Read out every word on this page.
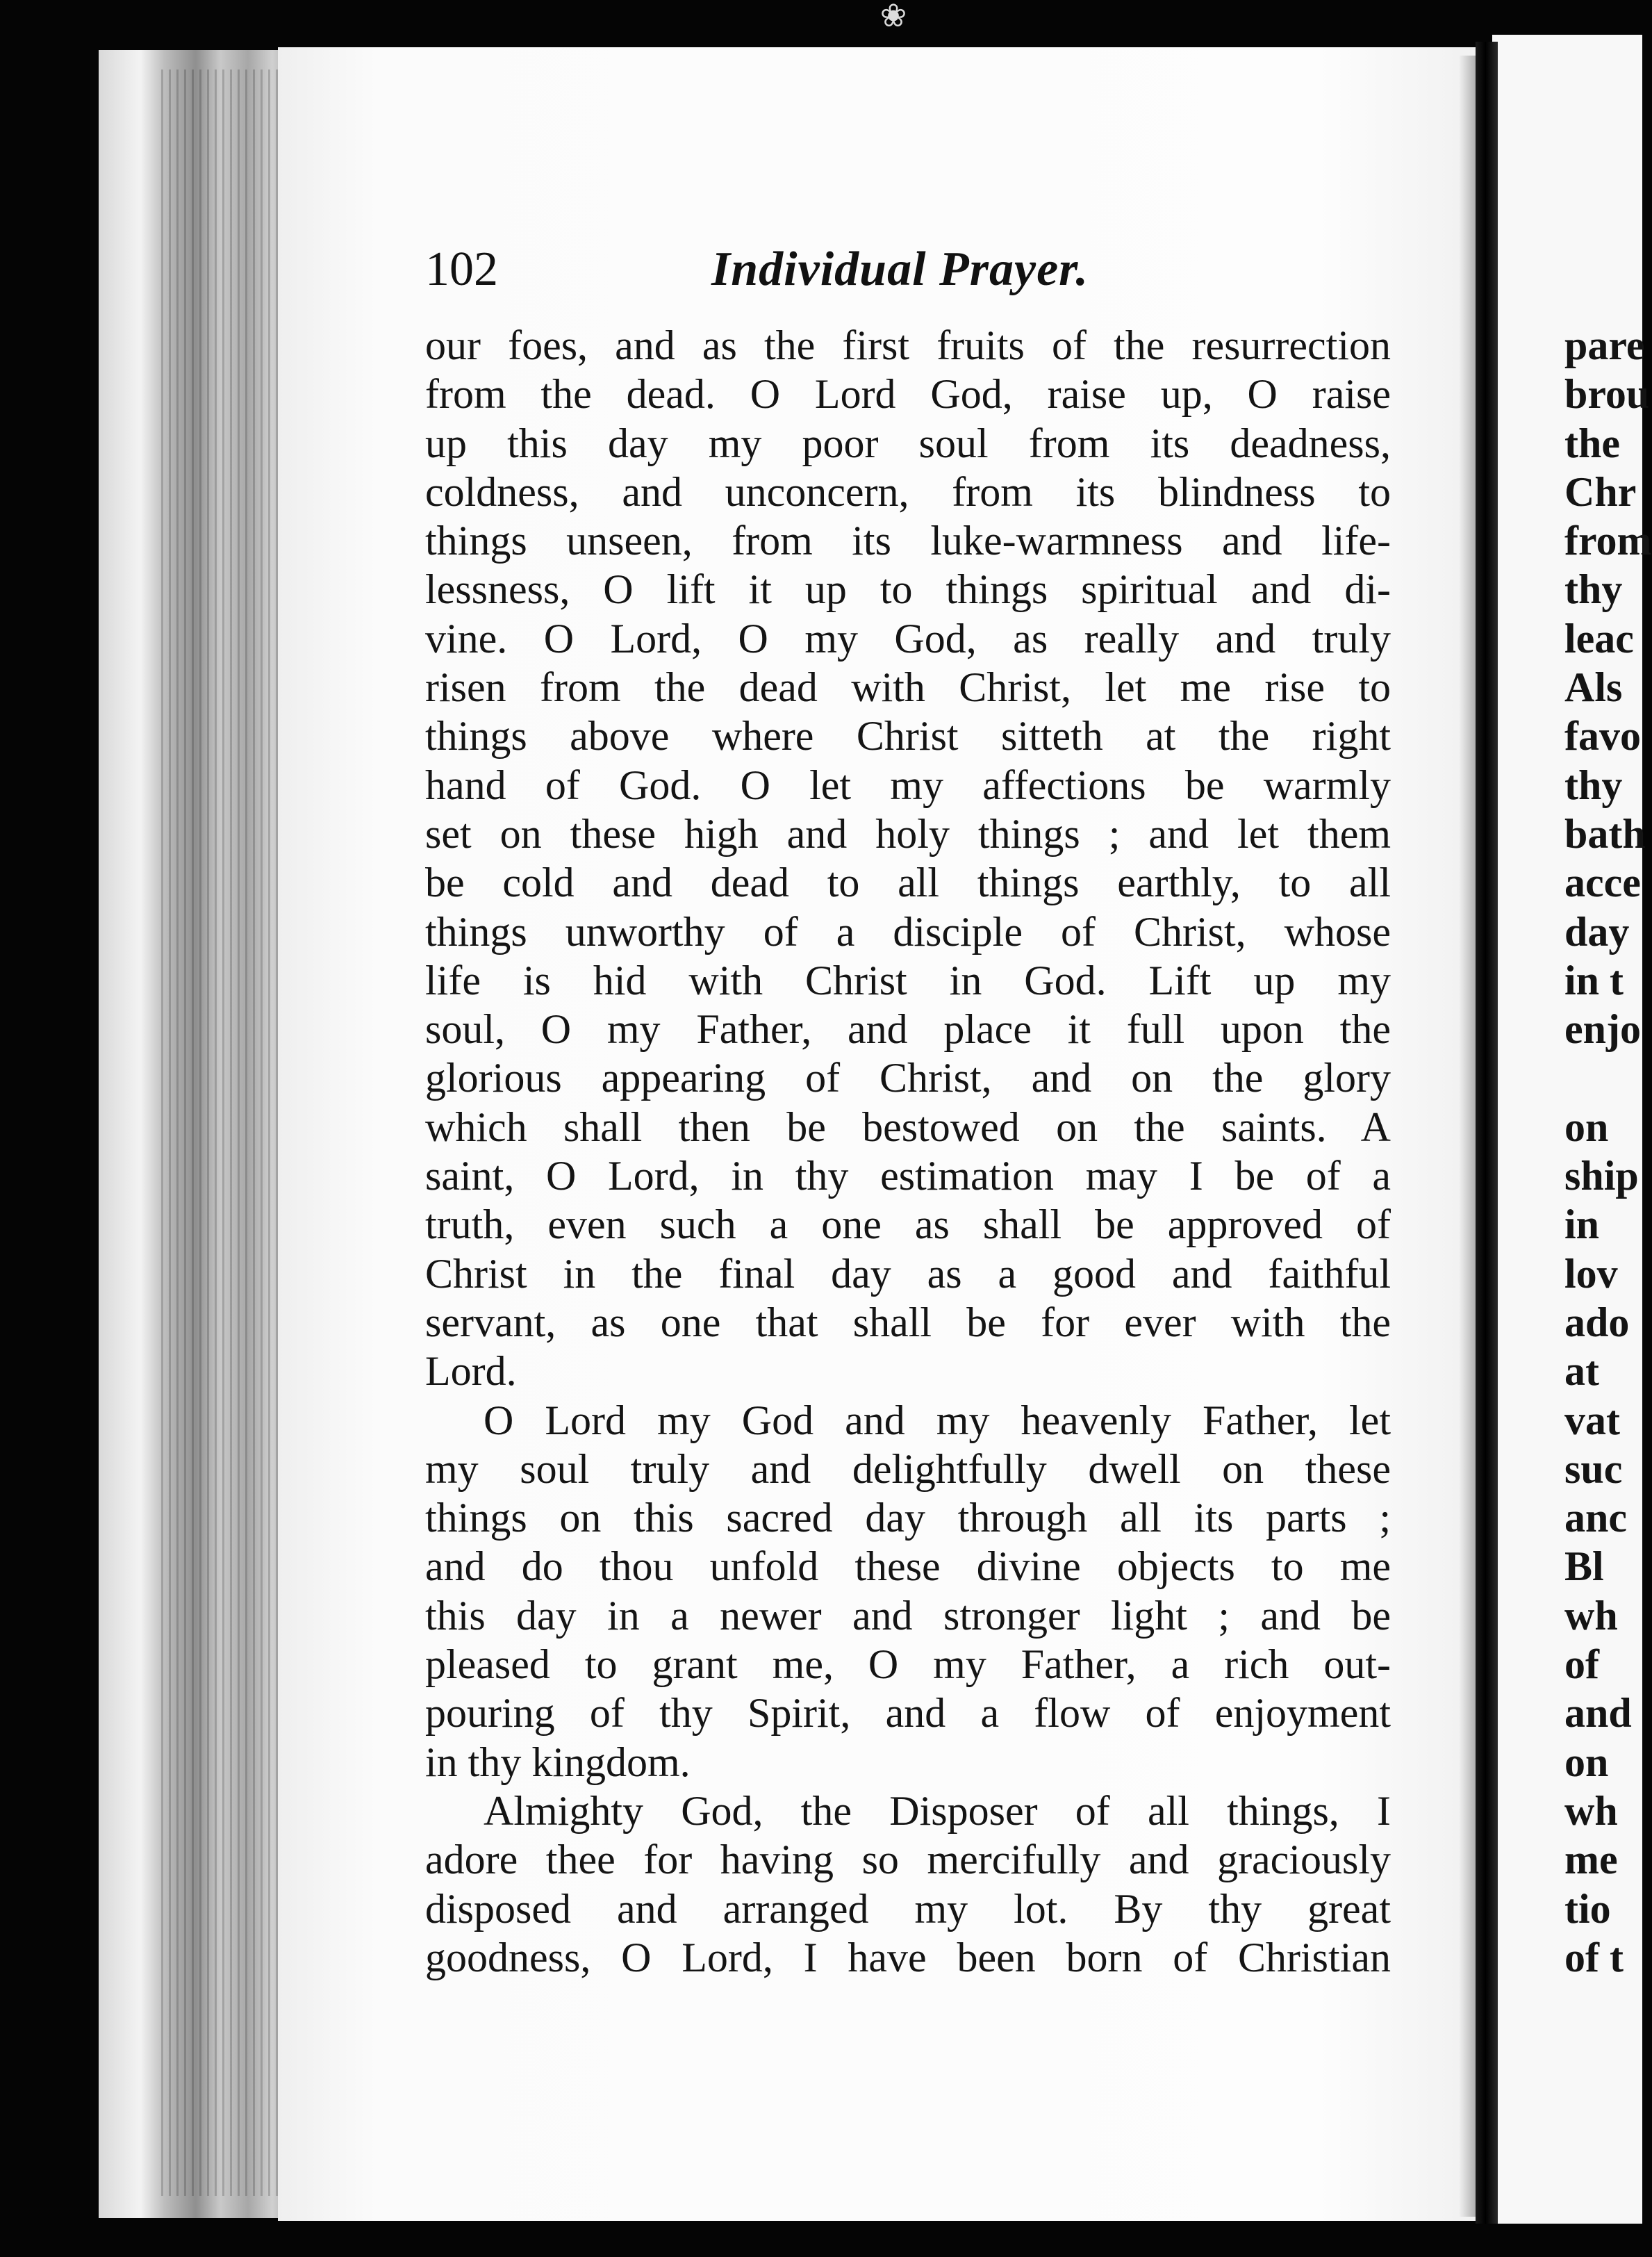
❀
102	Individual Prayer.
our foes, and as the first fruits of the resurrection
from the dead. O Lord God, raise up, O raise
up this day my poor soul from its deadness,
coldness, and unconcern, from its blindness to
things unseen, from its luke-warmness and life-
lessness, O lift it up to things spiritual and di-
vine. O Lord, O my God, as really and truly
risen from the dead with Christ, let me rise to
things above where Christ sitteth at the right
hand of God. O let my affections be warmly
set on these high and holy things ; and let them
be cold and dead to all things earthly, to all
things unworthy of a disciple of Christ, whose
life is hid with Christ in God. Lift up my
soul, O my Father, and place it full upon the
glorious appearing of Christ, and on the glory
which shall then be bestowed on the saints. A
saint, O Lord, in thy estimation may I be of a
truth, even such a one as shall be approved of
Christ in the final day as a good and faithful
servant, as one that shall be for ever with the
Lord.
O Lord my God and my heavenly Father, let
my soul truly and delightfully dwell on these
things on this sacred day through all its parts ;
and do thou unfold these divine objects to me
this day in a newer and stronger light ; and be
pleased to grant me, O my Father, a rich out-
pouring of thy Spirit, and a flow of enjoyment
in thy kingdom.
Almighty God, the Disposer of all things, I
adore thee for having so mercifully and graciously
disposed and arranged my lot. By thy great
goodness, O Lord, I have been born of Christian
pare
brou
the
Chr
from
thy
leac
Als
favo
thy
bath
acce
day
in t
enjo

on
ship
in
lov
ado
at
vat
suc
anc
Bl
wh
of
and
on
wh
me
tio
of t
